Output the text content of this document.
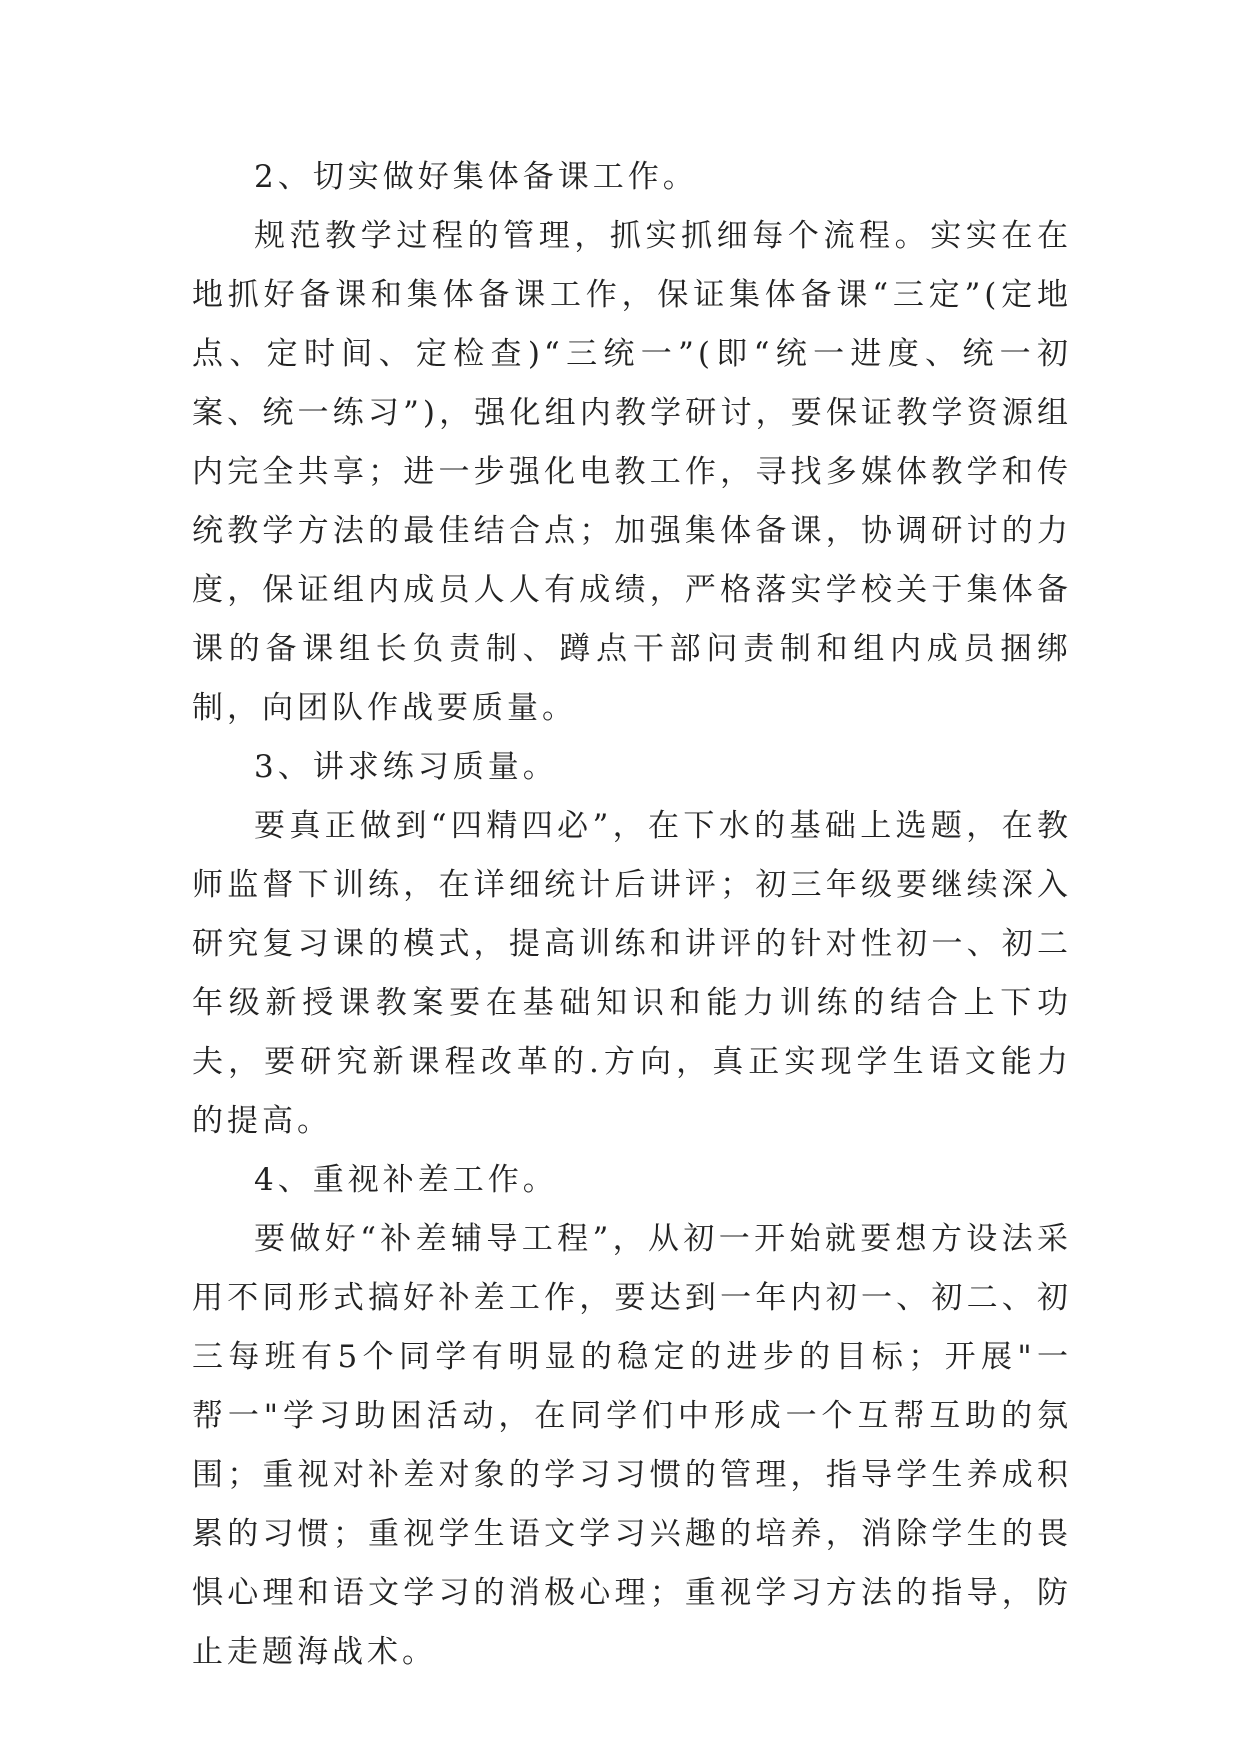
2、切实做好集体备课工作。

规范教学过程的管理，抓实抓细每个流程。实实在在地抓好备课和集体备课工作，保证集体备课“三定”(定地点、定时间、定检查)“三统一”(即“统一进度、统一初案、统一练习”)，强化组内教学研讨，要保证教学资源组内完全共享；进一步强化电教工作，寻找多媒体教学和传统教学方法的最佳结合点；加强集体备课，协调研讨的力度，保证组内成员人人有成绩，严格落实学校关于集体备课的备课组长负责制、蹲点干部问责制和组内成员捆绑制，向团队作战要质量。

3、讲求练习质量。

要真正做到“四精四必”，在下水的基础上选题，在教师监督下训练，在详细统计后讲评；初三年级要继续深入研究复习课的模式，提高训练和讲评的针对性初一、初二年级新授课教案要在基础知识和能力训练的结合上下功夫，要研究新课程改革的.方向，真正实现学生语文能力的提高。

4、重视补差工作。

要做好“补差辅导工程”，从初一开始就要想方设法采用不同形式搞好补差工作，要达到一年内初一、初二、初三每班有5个同学有明显的稳定的进步的目标；开展"一帮一"学习助困活动，在同学们中形成一个互帮互助的氛围；重视对补差对象的学习习惯的管理，指导学生养成积累的习惯；重视学生语文学习兴趣的培养，消除学生的畏惧心理和语文学习的消极心理；重视学习方法的指导，防止走题海战术。
